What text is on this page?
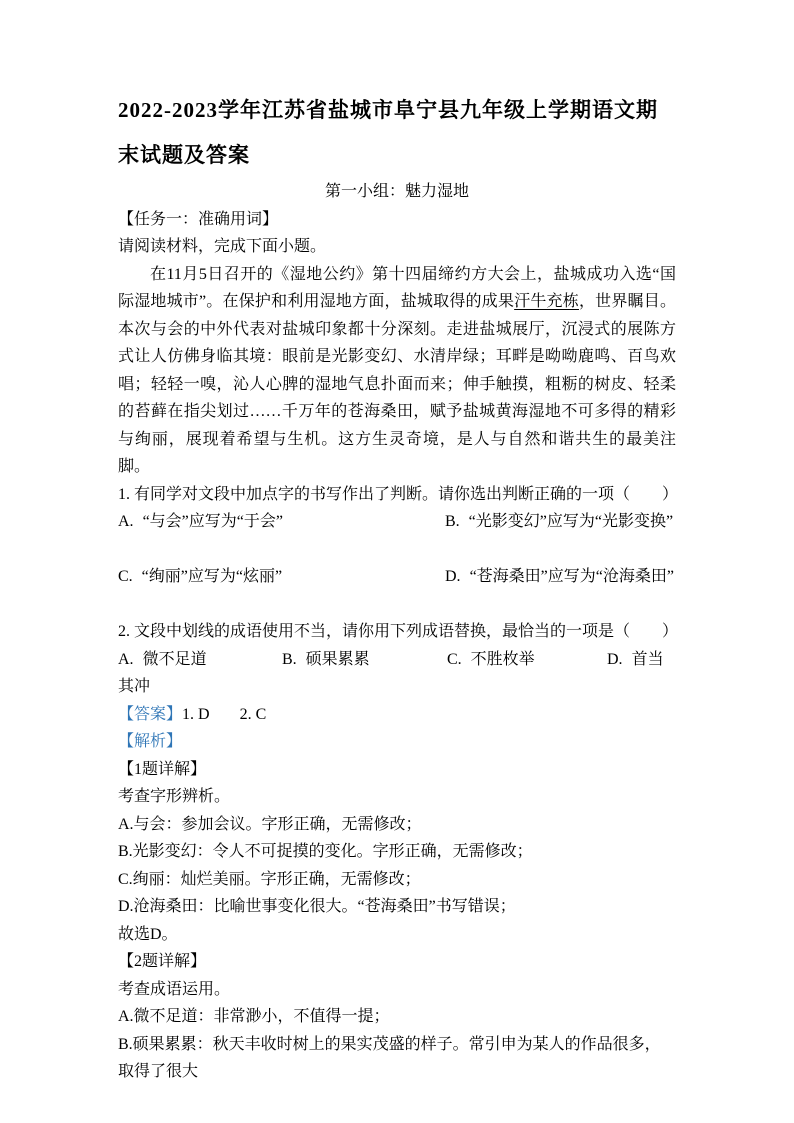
2022-2023学年江苏省盐城市阜宁县九年级上学期语文期末试题及答案
第一小组：魅力湿地
【任务一：准确用词】
请阅读材料，完成下面小题。

在11月5日召开的《湿地公约》第十四届缔约方大会上，盐城成功入选“国际湿地城市”。在保护和利用湿地方面，盐城取得的成果汗牛充栋，世界瞩目。本次与会的中外代表对盐城印象都十分深刻。走进盐城展厅，沉浸式的展陈方式让人仿佛身临其境：眼前是光影变幻、水清岸绿；耳畔是呦呦鹿鸣、百鸟欢唱；轻轻一嗅，沁人心脾的湿地气息扑面而来；伸手触摸，粗粝的树皮、轻柔的苔藓在指尖划过……千万年的苍海桑田，赋予盐城黄海湿地不可多得的精彩与绚丽，展现着希望与生机。这方生灵奇境，是人与自然和谐共生的最美注脚。

1. 有同学对文段中加点字的书写作出了判断。请你选出判断正确的一项（　　）
A. “与会”应写为“于会”	B. “光影变幻”应写为“光影变换”
C. “绚丽”应写为“炫丽”	D. “苍海桑田”应写为“沧海桑田”
2. 文段中划线的成语使用不当，请你用下列成语替换，最恰当的一项是（　　）
A. 微不足道	B. 硕果累累	C. 不胜枚举	D. 首当其冲
【答案】1. D 2. C
【解析】
【1题详解】
考查字形辨析。
A.与会：参加会议。字形正确，无需修改；
B.光影变幻：令人不可捉摸的变化。字形正确，无需修改；
C.绚丽：灿烂美丽。字形正确，无需修改；
D.沧海桑田：比喻世事变化很大。“苍海桑田”书写错误；
故选D。
【2题详解】
考查成语运用。
A.微不足道：非常渺小，不值得一提；
B.硕果累累：秋天丰收时树上的果实茂盛的样子。常引申为某人的作品很多，取得了很大
